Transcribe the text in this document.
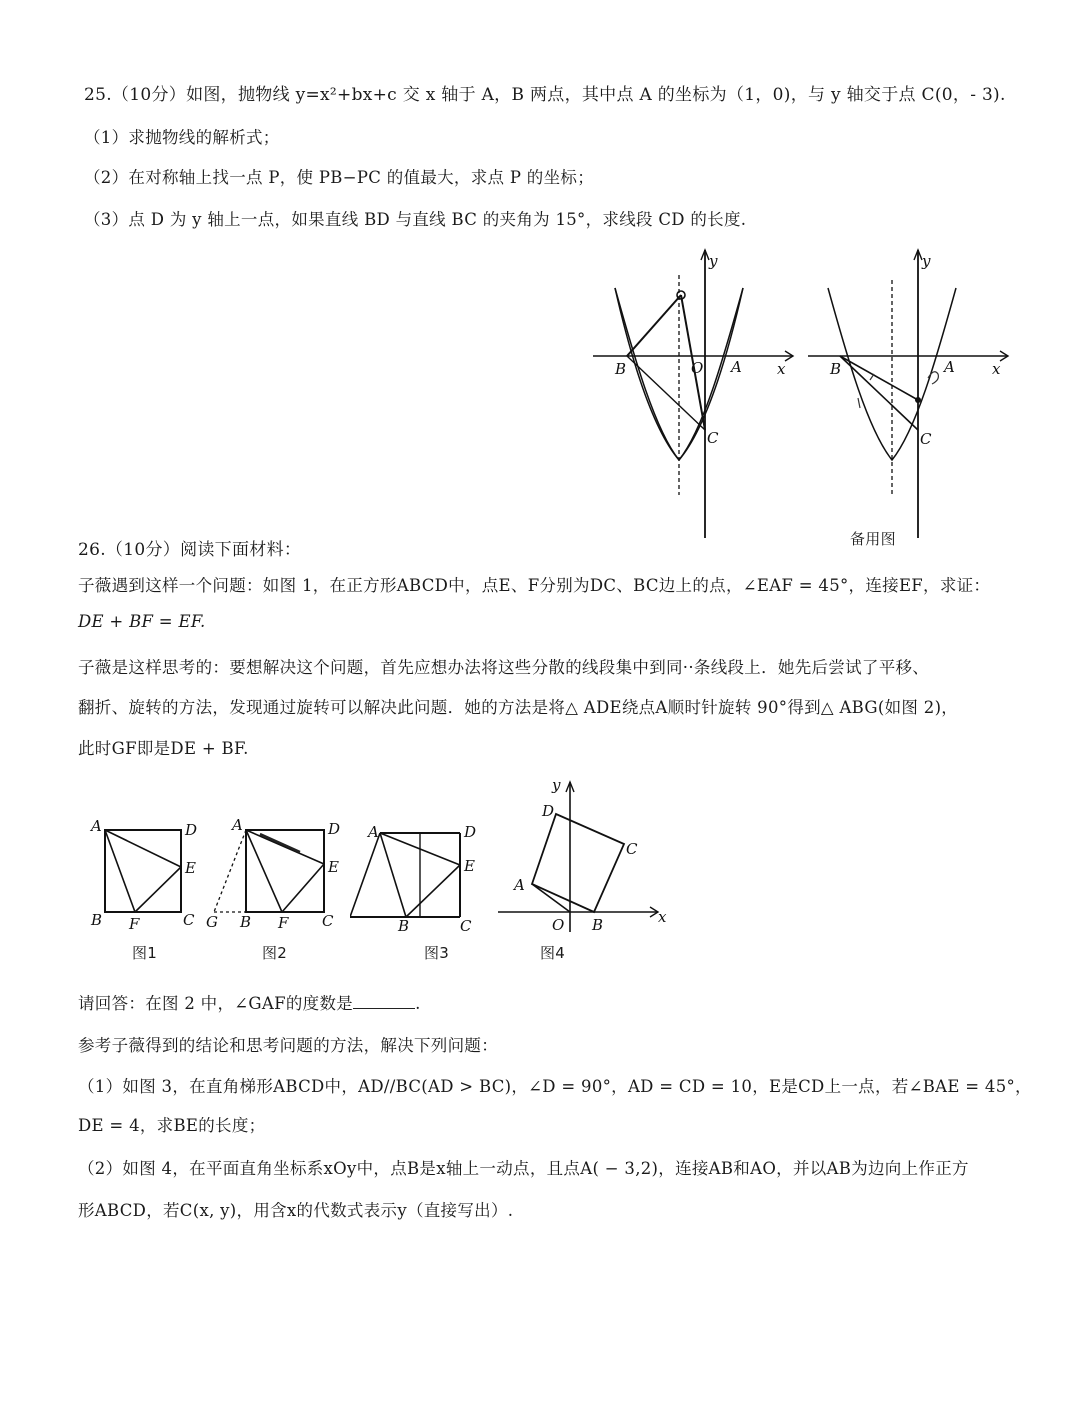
25.（10分）如图，抛物线 y=x²+bx+c 交 x 轴于 A，B 两点，其中点 A 的坐标为（1，0)，与 y 轴交于点 C(0，- 3).
（1）求抛物线的解析式；
（2）在对称轴上找一点 P，使 PB−PC 的值最大，求点 P 的坐标；
（3）点 D 为 y 轴上一点，如果直线 BD 与直线 BC 的夹角为 15°，求线段 CD 的长度.
B	O A x
y
C
B	A x
y
C
备用图
26.（10分）阅读下面材料：
子薇遇到这样一个问题：如图 1，在正方形ABCD中，点E、F分别为DC、BC边上的点，∠EAF = 45°，连接EF，求证：
DE + BF = EF.
子薇是这样思考的：要想解决这个问题，首先应想办法将这些分散的线段集中到同··条线段上．她先后尝试了平移、
翻折、旋转的方法，发现通过旋转可以解决此问题．她的方法是将△ ADE绕点A顺时针旋转 90°得到△ ABG(如图 2)，
此时GF即是DE + BF.
A	D
E
B F	C
图1
A	D
E
G B F C
图2
A	D
E
B	C
图3
y
D
C
A
O B	x
图4
请回答：在图 2 中，∠GAF的度数是	.
参考子薇得到的结论和思考问题的方法，解决下列问题：
（1）如图 3，在直角梯形ABCD中，AD//BC(AD > BC)，∠D = 90°，AD = CD = 10，E是CD上一点，若∠BAE = 45°，
DE = 4，求BE的长度；
（2）如图 4，在平面直角坐标系xOy中，点B是x轴上一动点，且点A( − 3,2)，连接AB和AO，并以AB为边向上作正方
形ABCD，若C(x, y)，用含x的代数式表示y（直接写出）.
